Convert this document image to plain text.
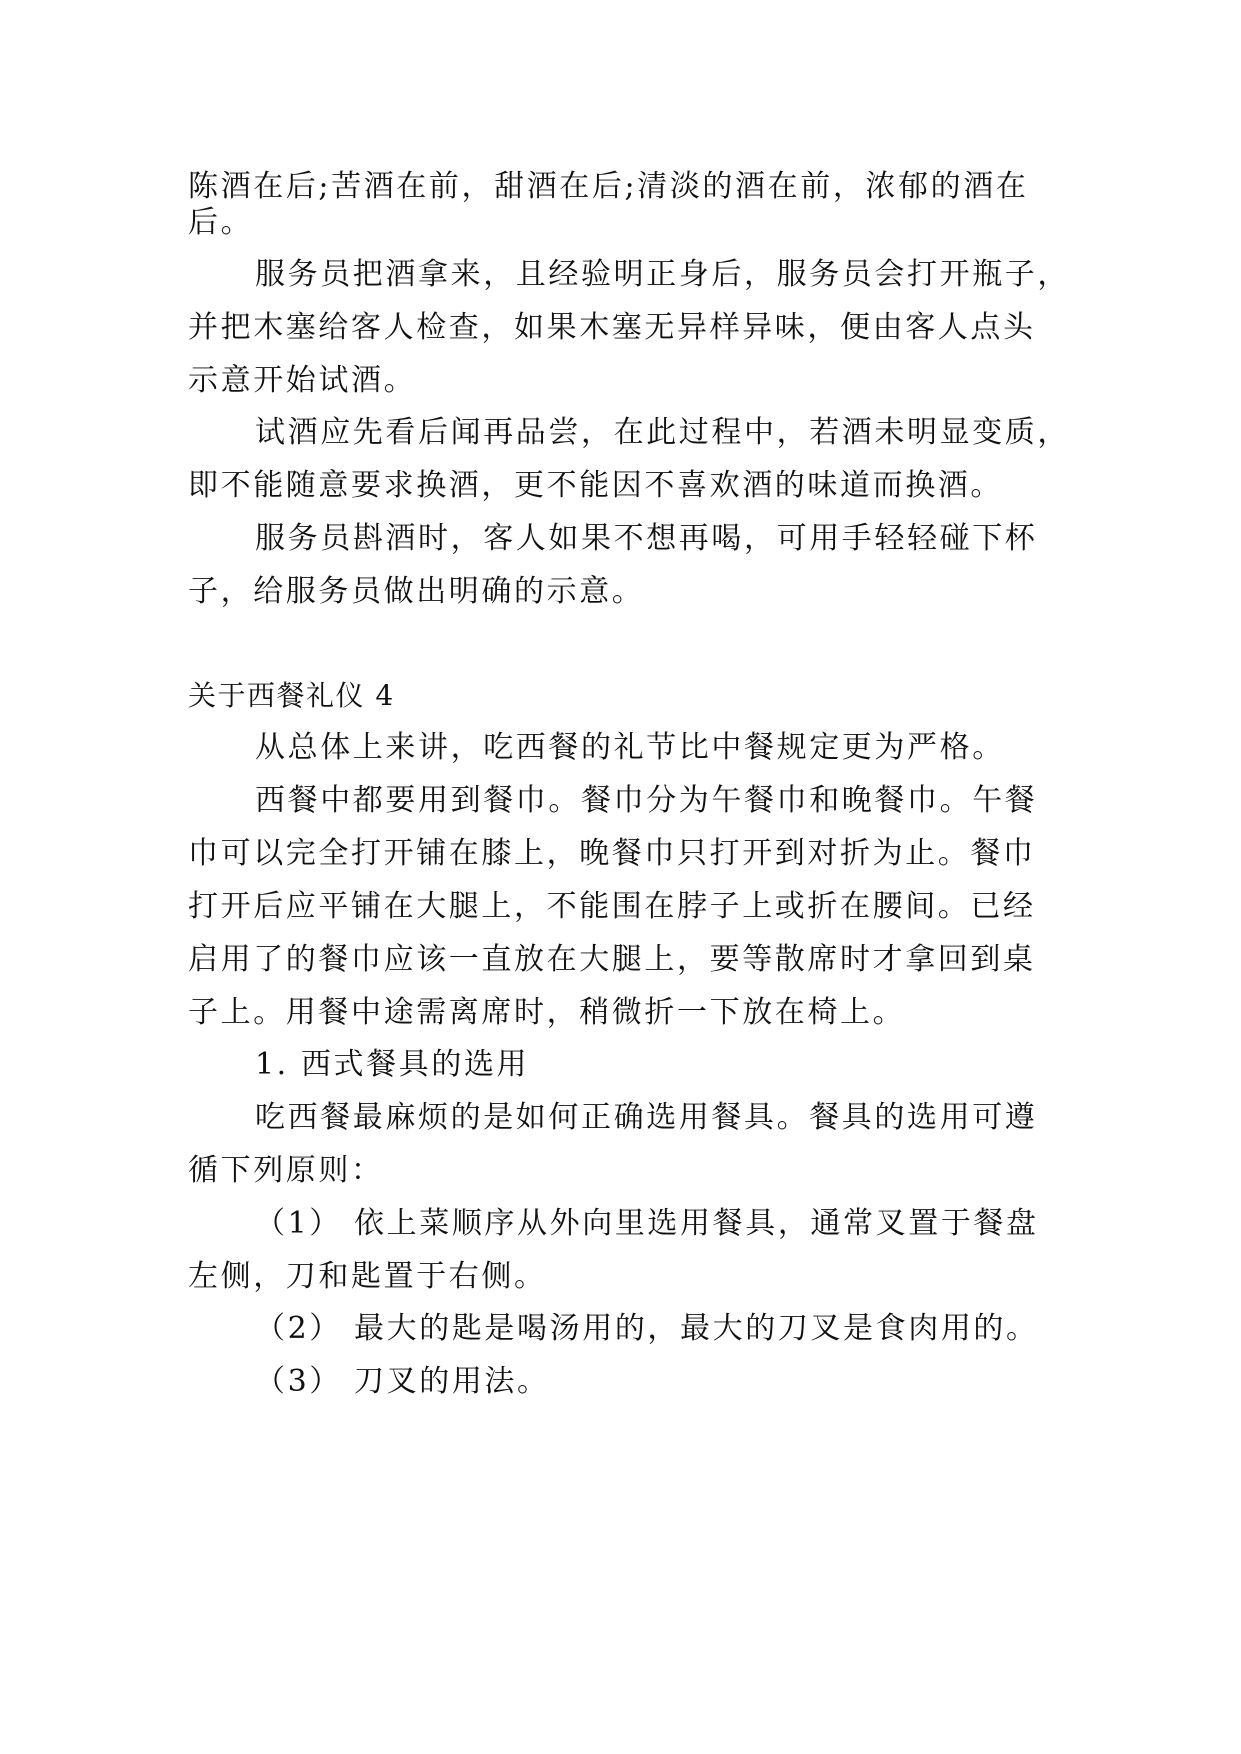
陈酒在后;苦酒在前，甜酒在后;清淡的酒在前，浓郁的酒在
后。
服务员把酒拿来，且经验明正身后，服务员会打开瓶子，
并把木塞给客人检查，如果木塞无异样异味，便由客人点头
示意开始试酒。
试酒应先看后闻再品尝，在此过程中，若酒未明显变质，
即不能随意要求换酒，更不能因不喜欢酒的味道而换酒。
服务员斟酒时，客人如果不想再喝，可用手轻轻碰下杯
子，给服务员做出明确的示意。
关于西餐礼仪 4
从总体上来讲，吃西餐的礼节比中餐规定更为严格。
西餐中都要用到餐巾。餐巾分为午餐巾和晚餐巾。午餐
巾可以完全打开铺在膝上，晚餐巾只打开到对折为止。餐巾
打开后应平铺在大腿上，不能围在脖子上或折在腰间。已经
启用了的餐巾应该一直放在大腿上，要等散席时才拿回到桌
子上。用餐中途需离席时，稍微折一下放在椅上。
1. 西式餐具的选用
吃西餐最麻烦的是如何正确选用餐具。餐具的选用可遵
循下列原则：
（1） 依上菜顺序从外向里选用餐具，通常叉置于餐盘
左侧，刀和匙置于右侧。
（2） 最大的匙是喝汤用的，最大的刀叉是食肉用的。
（3） 刀叉的用法。
